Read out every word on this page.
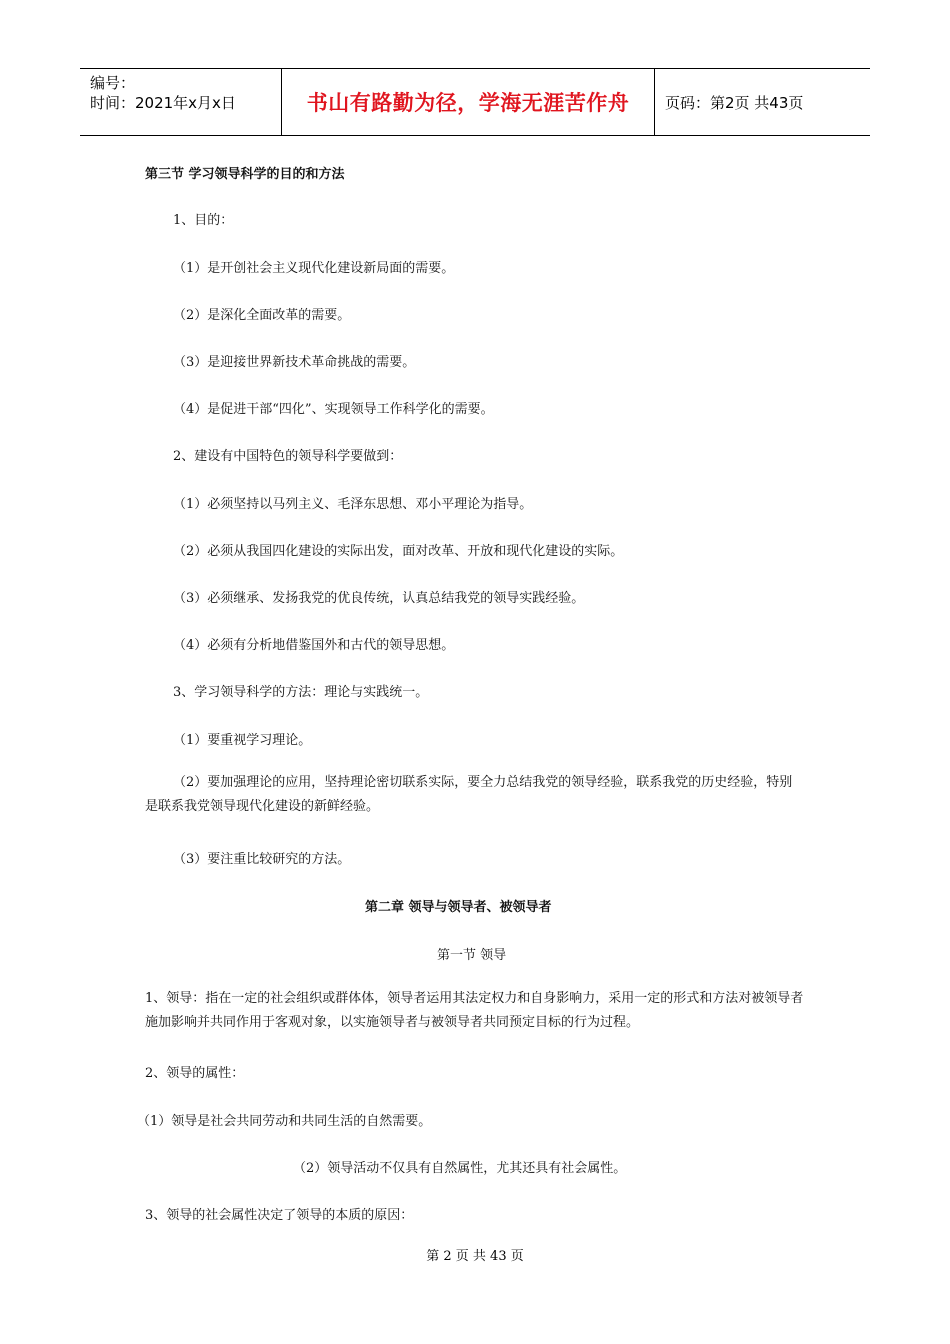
编号：
时间：2021年x月x日	书山有路勤为径，学海无涯苦作舟	页码：第2页 共43页
第三节 学习领导科学的目的和方法
1、目的：
（1）是开创社会主义现代化建设新局面的需要。
（2）是深化全面改革的需要。
（3）是迎接世界新技术革命挑战的需要。
（4）是促进干部“四化”、实现领导工作科学化的需要。
2、建设有中国特色的领导科学要做到：
（1）必须坚持以马列主义、毛泽东思想、邓小平理论为指导。
（2）必须从我国四化建设的实际出发，面对改革、开放和现代化建设的实际。
（3）必须继承、发扬我党的优良传统，认真总结我党的领导实践经验。
（4）必须有分析地借鉴国外和古代的领导思想。
3、学习领导科学的方法：理论与实践统一。
（1）要重视学习理论。
（2）要加强理论的应用，坚持理论密切联系实际，要全力总结我党的领导经验，联系我党的历史经验，特别是联系我党领导现代化建设的新鲜经验。
（3）要注重比较研究的方法。
第二章 领导与领导者、被领导者
第一节 领导
1、领导：指在一定的社会组织或群体体，领导者运用其法定权力和自身影响力，采用一定的形式和方法对被领导者施加影响并共同作用于客观对象，以实施领导者与被领导者共同预定目标的行为过程。
2、领导的属性：
（1）领导是社会共同劳动和共同生活的自然需要。
（2）领导活动不仅具有自然属性，尤其还具有社会属性。
3、领导的社会属性决定了领导的本质的原因：
第 2 页 共 43 页
